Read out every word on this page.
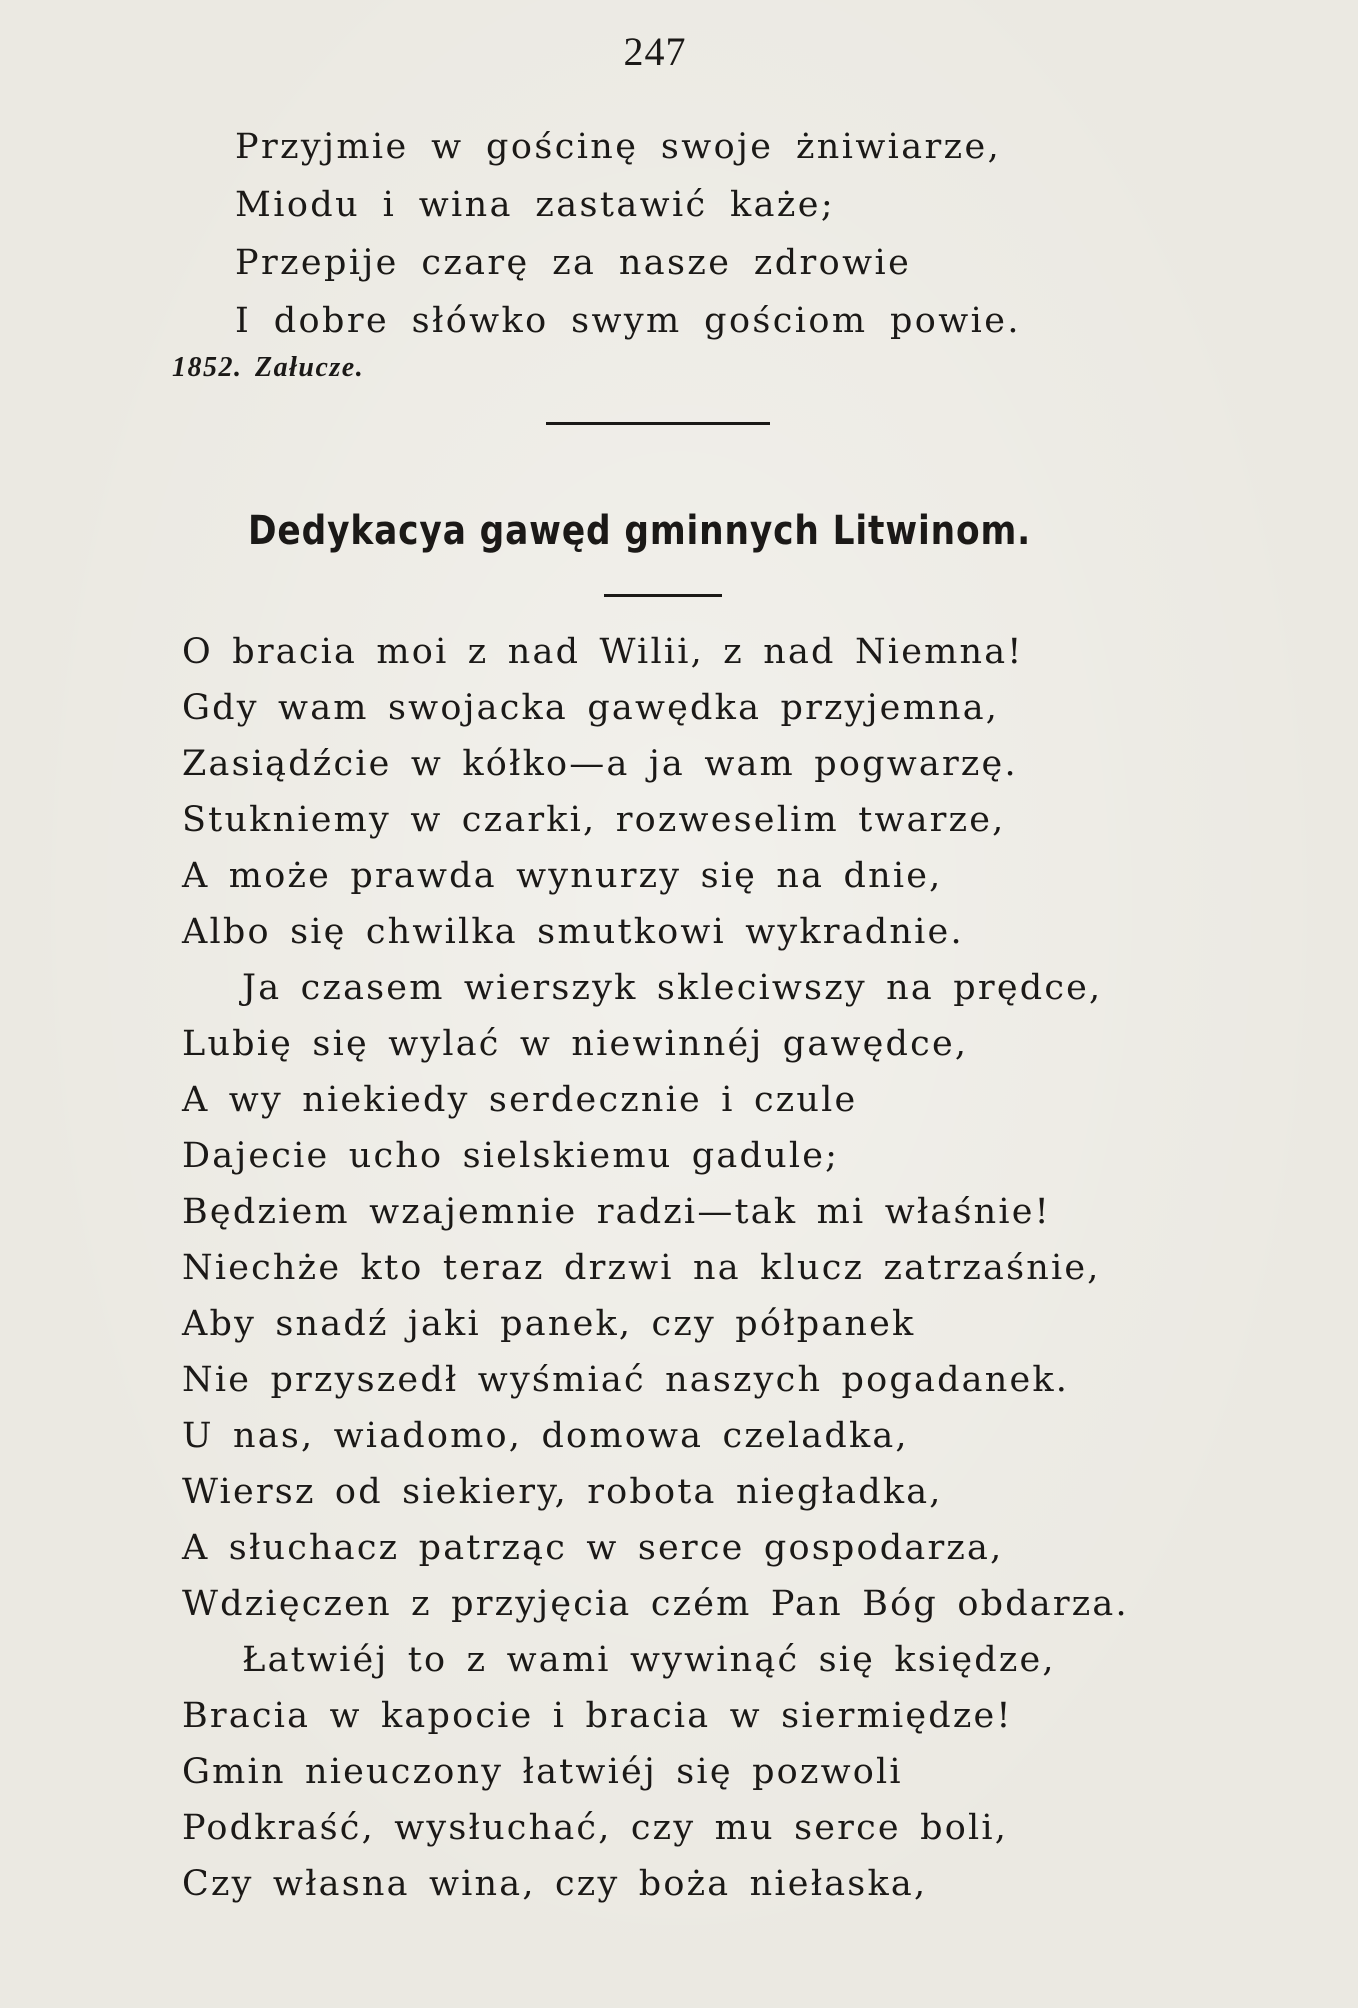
247
Przyjmie w gościnę swoje żniwiarze,
Miodu i wina zastawić każe;
Przepije czarę za nasze zdrowie
I dobre słówko swym gościom powie.
1852. Załucze.
Dedykacya gawęd gminnych Litwinom.
O bracia moi z nad Wilii, z nad Niemna!
Gdy wam swojacka gawędka przyjemna,
Zasiądźcie w kółko—a ja wam pogwarzę.
Stukniemy w czarki, rozweselim twarze,
A może prawda wynurzy się na dnie,
Albo się chwilka smutkowi wykradnie.
Ja czasem wierszyk skleciwszy na prędce,
Lubię się wylać w niewinnéj gawędce,
A wy niekiedy serdecznie i czule
Dajecie ucho sielskiemu gadule;
Będziem wzajemnie radzi—tak mi właśnie!
Niechże kto teraz drzwi na klucz zatrzaśnie,
Aby snadź jaki panek, czy półpanek
Nie przyszedł wyśmiać naszych pogadanek.
U nas, wiadomo, domowa czeladka,
Wiersz od siekiery, robota niegładka,
A słuchacz patrząc w serce gospodarza,
Wdzięczen z przyjęcia czém Pan Bóg obdarza.
Łatwiéj to z wami wywinąć się księdze,
Bracia w kapocie i bracia w siermiędze!
Gmin nieuczony łatwiéj się pozwoli
Podkraść, wysłuchać, czy mu serce boli,
Czy własna wina, czy boża niełaska,
